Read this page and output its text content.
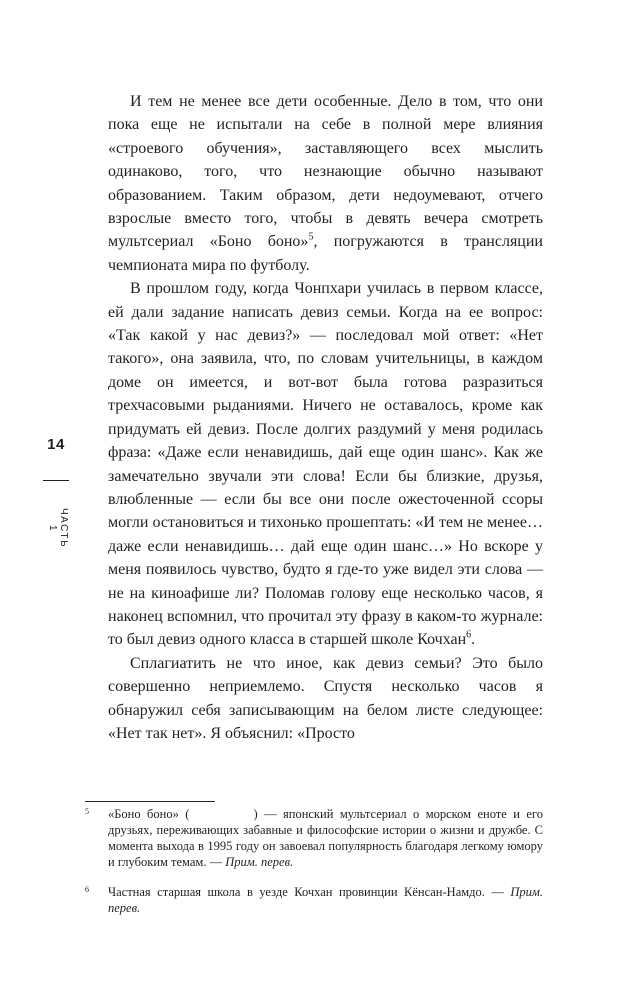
14
ЧАСТЬ 1

И тем не менее все дети особенные. Дело в том, что они пока еще не испытали на себе в полной мере влияния «строевого обучения», заставляющего всех мыслить одинаково, того, что незнающие обычно называют образованием. Таким образом, дети недоумевают, отчего взрослые вместо того, чтобы в девять вечера смотреть мультсериал «Боно боно»$^5$, погружаются в трансляции чемпионата мира по футболу.

В прошлом году, когда Чонпхари училась в первом классе, ей дали задание написать девиз семьи. Когда на ее вопрос: «Так какой у нас девиз?» — последовал мой ответ: «Нет такого», она заявила, что, по словам учительницы, в каждом доме он имеется, и вот-вот была готова разразиться трехчасовыми рыданиями. Ничего не оставалось, кроме как придумать ей девиз. После долгих раздумий у меня родилась фраза: «Даже если ненавидишь, дай еще один шанс». Как же замечательно звучали эти слова! Если бы близкие, друзья, влюбленные — если бы все они после ожесточенной ссоры могли остановиться и тихонько прошептать: «И тем не менее… даже если ненавидишь… дай еще один шанс…» Но вскоре у меня появилось чувство, будто я где-то уже видел эти слова — не на киноафише ли? Поломав голову еще несколько часов, я наконец вспомнил, что прочитал эту фразу в каком-то журнале: то был девиз одного класса в старшей школе Кочхан$^6$.

Сплагиатить не что иное, как девиз семьи? Это было совершенно неприемлемо. Спустя несколько часов я обнаружил себя записывающим на белом листе следующее: «Нет так нет». Я объяснил: «Просто

5 «Боно боно» (	) — японский мультсериал о морском еноте и его друзьях, переживающих забавные и философские истории о жизни и дружбе. С момента выхода в 1995 году он завоевал популярность благодаря легкому юмору и глубоким темам. — Прим. перев.

6 Частная старшая школа в уезде Кочхан провинции Кёнсан-Намдо. — Прим. перев.
